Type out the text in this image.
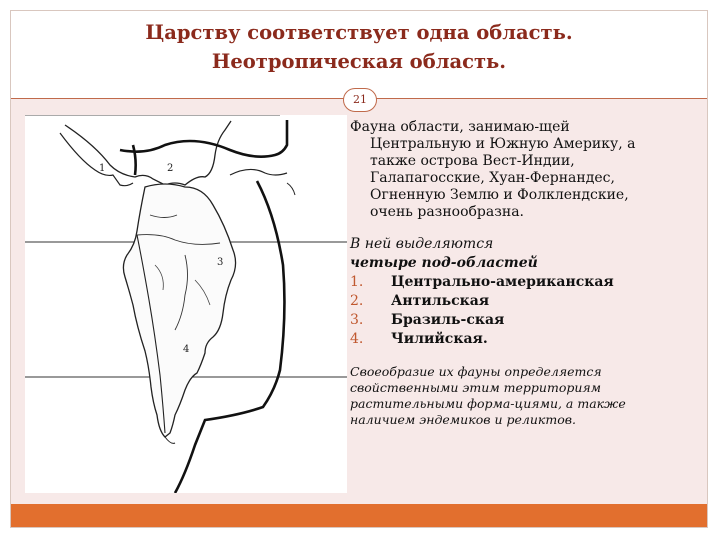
Царству соответствует одна область.
Неотропическая область.
1	2
3
4
21

Фауна области, занимаю-щей
Центральную и Южную Америку, а
также острова Вест-Индии,
Галапагосские, Хуан-Фернандес,
Огненную Землю и Фолклендские,
очень разнообразна.

В ней выделяются

четыре под-областей

1. Центрально-американская
2. Антильская
3. Бразиль-ская
4. Чилийская.

Своеобразие их фауны определяется
свойственными этим территориям
растительными форма-циями, а также
наличием эндемиков и реликтов.
